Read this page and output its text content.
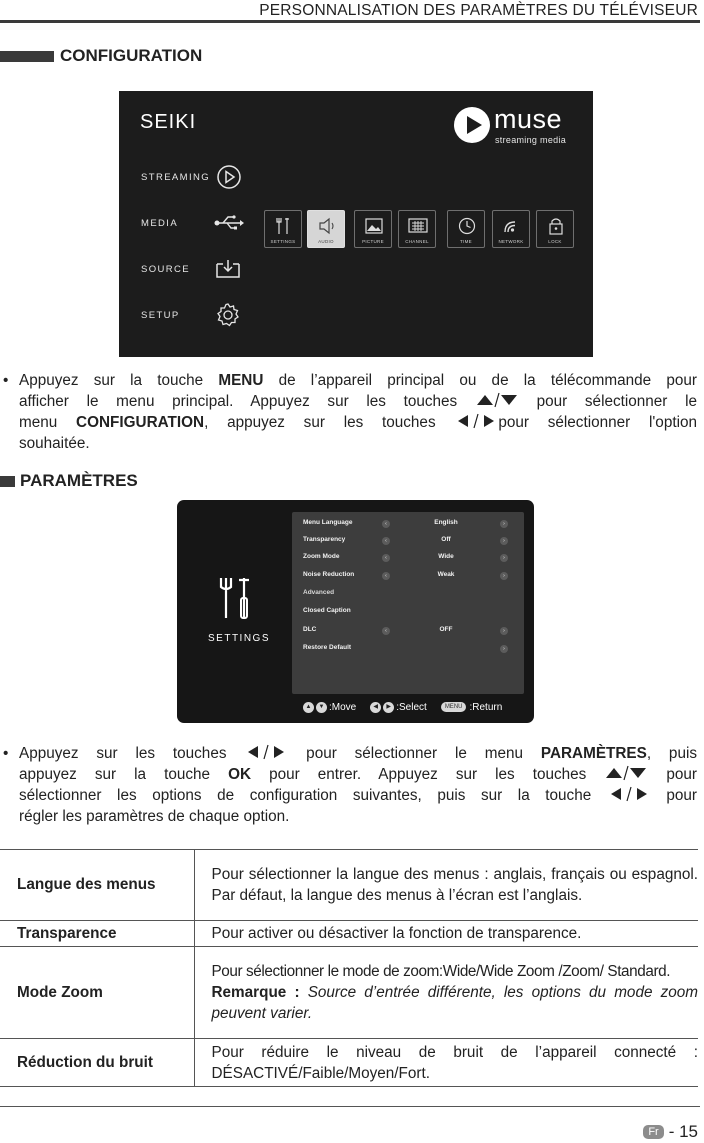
PERSONNALISATION DES PARAMÈTRES DU TÉLÉVISEUR
CONFIGURATION
SEIKI	muse
streaming media
STREAMING
MEDIA
SOURCE
SETUP
SETTINGS	AUDIO	PICTURE	CHANNEL	TIME	NETWORK	LOCK
• Appuyez sur la touche MENU de l’appareil principal ou de la télécommande pour
afficher le menu principal. Appuyez sur les touches	pour sélectionner le
menu CONFIGURATION, appuyez sur les touches	pour sélectionner l'option
souhaitée.
PARAMÈTRES
SETTINGS
Menu Language	‹	English	›
Transparency	‹	Off	›
Zoom Mode	‹	Wide	›
Noise Reduction	‹	Weak	›
Advanced
Closed Caption
DLC	‹	OFF	›
Restore Default	›
▲	▼ :Move	◀	▶ :Select	MENU :Return
• Appuyez sur les touches	pour sélectionner le menu PARAMÈTRES, puis
appuyez sur la touche OK pour entrer. Appuyez sur les touches	pour
sélectionner les options de configuration suivantes, puis sur la touche	pour
régler les paramètres de chaque option.
Langue des menus	Pour sélectionner la langue des menus : anglais, français ou espagnol. Par défaut, la langue des menus à l’écran est l’anglais.
Transparence	Pour activer ou désactiver la fonction de transparence.
Mode Zoom	Pour sélectionner le mode de zoom:Wide/Wide Zoom /Zoom/ Standard.
Remarque : Source d’entrée différente, les options du mode zoom peuvent varier.

Réduction du bruit	Pour réduire le niveau de bruit de l’appareil connecté : DÉSACTIVÉ/Faible/Moyen/Fort.
Fr - 15
